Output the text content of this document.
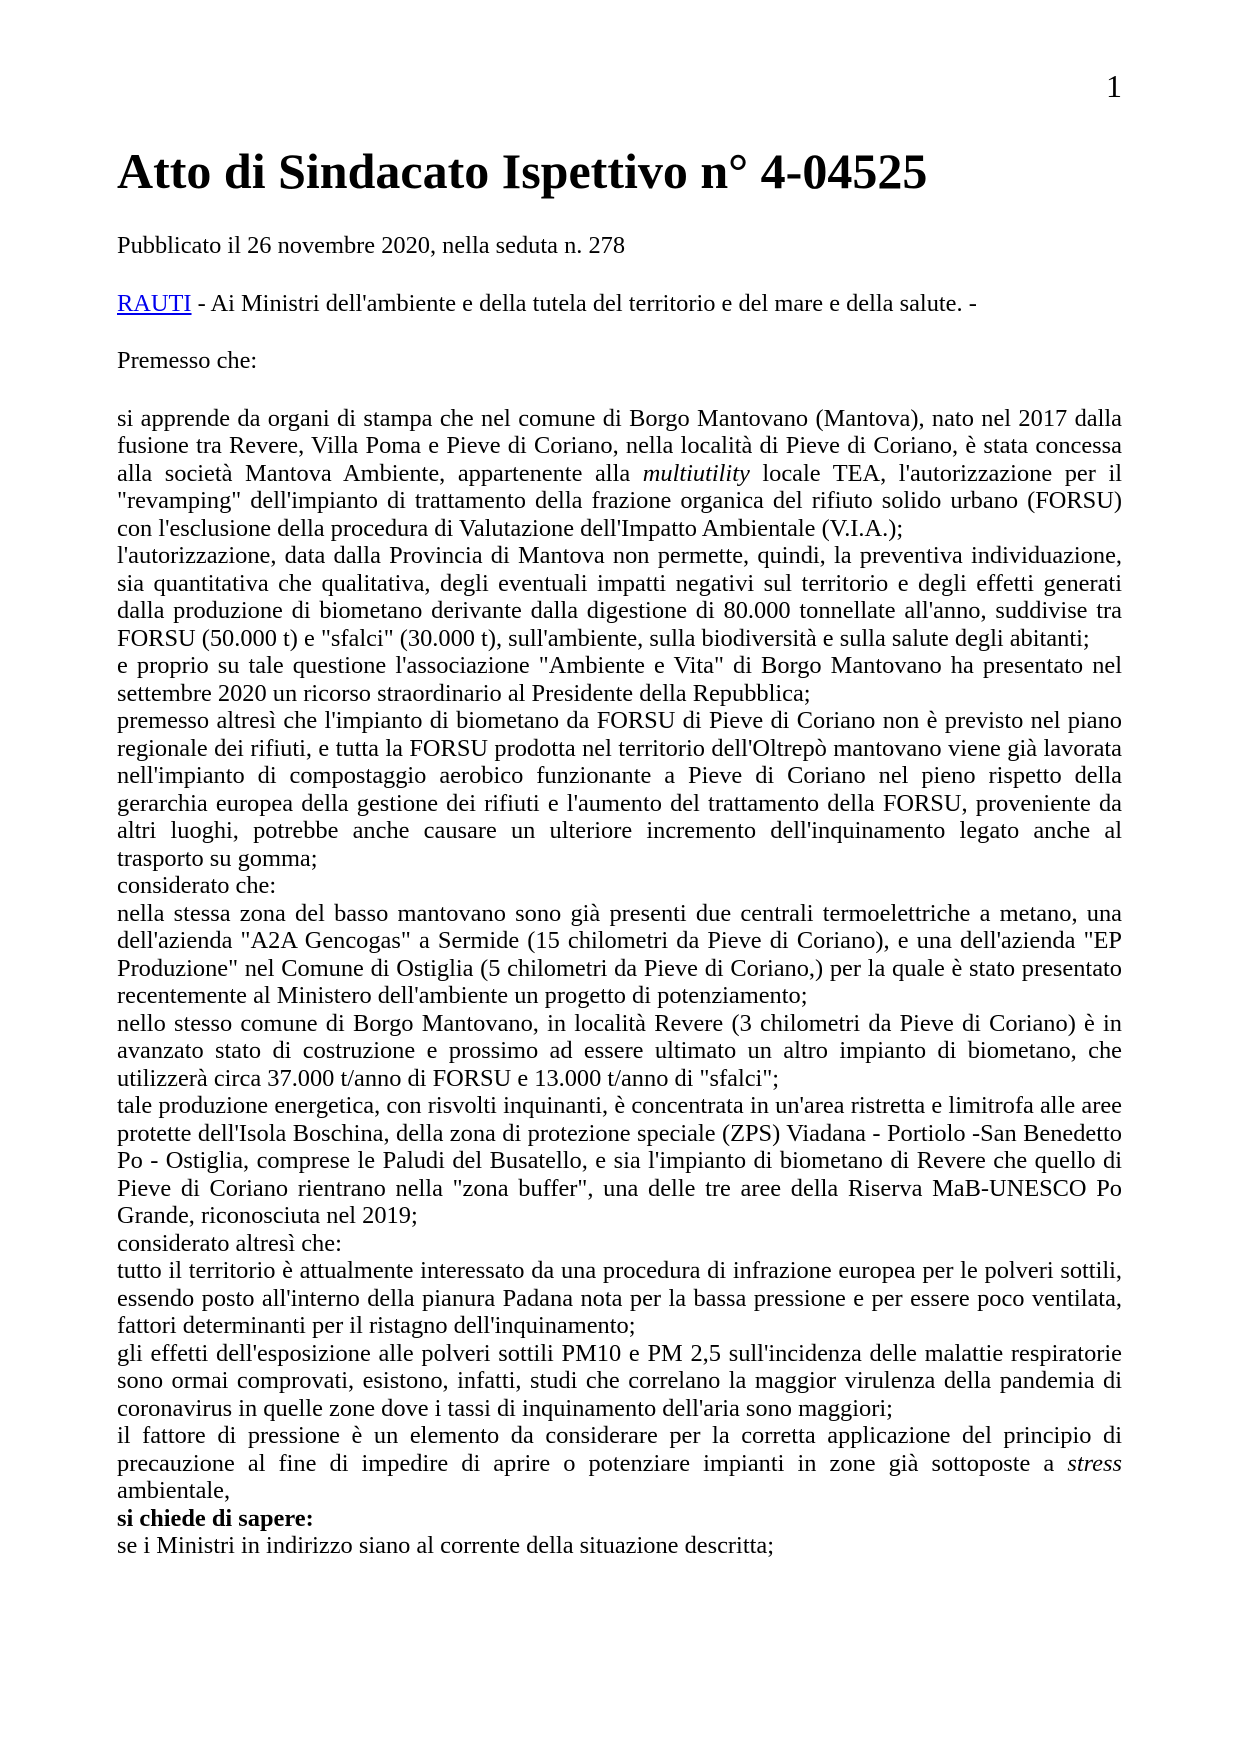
1
Atto di Sindacato Ispettivo n° 4-04525

Pubblicato il 26 novembre 2020, nella seduta n. 278

RAUTI - Ai Ministri dell'ambiente e della tutela del territorio e del mare e della salute. -

Premesso che:

si apprende da organi di stampa che nel comune di Borgo Mantovano (Mantova), nato nel 2017 dalla fusione tra Revere, Villa Poma e Pieve di Coriano, nella località di Pieve di Coriano, è stata concessa alla società Mantova Ambiente, appartenente alla multiutility locale TEA, l'autorizzazione per il "revamping" dell'impianto di trattamento della frazione organica del rifiuto solido urbano (FORSU) con l'esclusione della procedura di Valutazione dell'Impatto Ambientale (V.I.A.);

l'autorizzazione, data dalla Provincia di Mantova non permette, quindi, la preventiva individuazione, sia quantitativa che qualitativa, degli eventuali impatti negativi sul territorio e degli effetti generati dalla produzione di biometano derivante dalla digestione di 80.000 tonnellate all'anno, suddivise tra FORSU (50.000 t) e "sfalci" (30.000 t), sull'ambiente, sulla biodiversità e sulla salute degli abitanti;

e proprio su tale questione l'associazione "Ambiente e Vita" di Borgo Mantovano ha presentato nel settembre 2020 un ricorso straordinario al Presidente della Repubblica;

premesso altresì che l'impianto di biometano da FORSU di Pieve di Coriano non è previsto nel piano regionale dei rifiuti, e tutta la FORSU prodotta nel territorio dell'Oltrepò mantovano viene già lavorata nell'impianto di compostaggio aerobico funzionante a Pieve di Coriano nel pieno rispetto della gerarchia europea della gestione dei rifiuti e l'aumento del trattamento della FORSU, proveniente da altri luoghi, potrebbe anche causare un ulteriore incremento dell'inquinamento legato anche al trasporto su gomma;

considerato che:

nella stessa zona del basso mantovano sono già presenti due centrali termoelettriche a metano, una dell'azienda "A2A Gencogas" a Sermide (15 chilometri da Pieve di Coriano), e una dell'azienda "EP Produzione" nel Comune di Ostiglia (5 chilometri da Pieve di Coriano,) per la quale è stato presentato recentemente al Ministero dell'ambiente un progetto di potenziamento;

nello stesso comune di Borgo Mantovano, in località Revere (3 chilometri da Pieve di Coriano) è in avanzato stato di costruzione e prossimo ad essere ultimato un altro impianto di biometano, che utilizzerà circa 37.000 t/anno di FORSU e 13.000 t/anno di "sfalci";

tale produzione energetica, con risvolti inquinanti, è concentrata in un'area ristretta e limitrofa alle aree protette dell'Isola Boschina, della zona di protezione speciale (ZPS) Viadana - Portiolo -San Benedetto Po - Ostiglia, comprese le Paludi del Busatello, e sia l'impianto di biometano di Revere che quello di Pieve di Coriano rientrano nella "zona buffer", una delle tre aree della Riserva MaB-UNESCO Po Grande, riconosciuta nel 2019;

considerato altresì che:

tutto il territorio è attualmente interessato da una procedura di infrazione europea per le polveri sottili, essendo posto all'interno della pianura Padana nota per la bassa pressione e per essere poco ventilata, fattori determinanti per il ristagno dell'inquinamento;

gli effetti dell'esposizione alle polveri sottili PM10 e PM 2,5 sull'incidenza delle malattie respiratorie sono ormai comprovati, esistono, infatti, studi che correlano la maggior virulenza della pandemia di coronavirus in quelle zone dove i tassi di inquinamento dell'aria sono maggiori;

il fattore di pressione è un elemento da considerare per la corretta applicazione del principio di precauzione al fine di impedire di aprire o potenziare impianti in zone già sottoposte a stress ambientale,

si chiede di sapere:

se i Ministri in indirizzo siano al corrente della situazione descritta;
